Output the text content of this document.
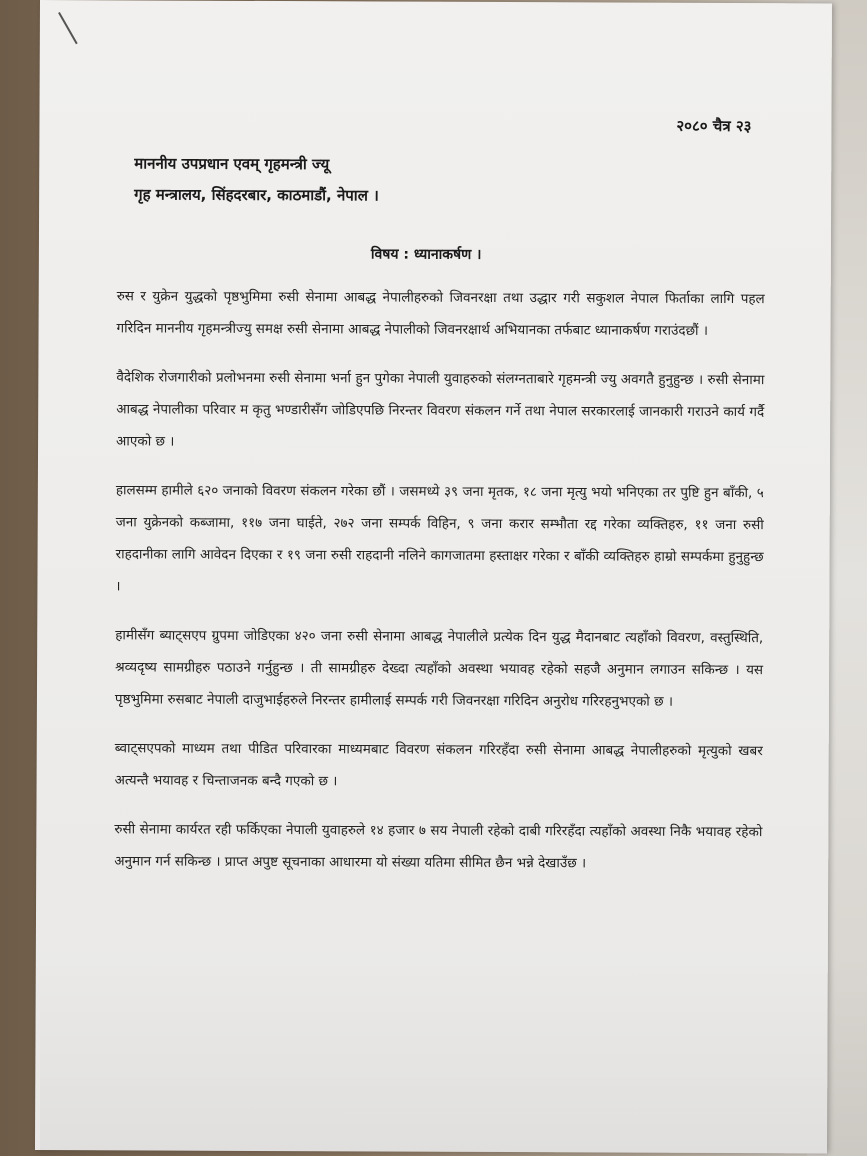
२०८० चैत्र २३
माननीय उपप्रधान एवम् गृहमन्त्री ज्यू
गृह मन्त्रालय, सिंहदरबार, काठमाडौं, नेपाल ।
विषय : ध्यानाकर्षण ।

रुस र युक्रेन युद्धको पृष्ठभुमिमा रुसी सेनामा आबद्ध नेपालीहरुको जिवनरक्षा तथा उद्धार गरी सकुशल नेपाल फिर्ताका लागि पहल गरिदिन माननीय गृहमन्त्रीज्यु समक्ष रुसी सेनामा आबद्ध नेपालीको जिवनरक्षार्थ अभियानका तर्फबाट ध्यानाकर्षण गराउंदछौं ।

वैदेशिक रोजगारीको प्रलोभनमा रुसी सेनामा भर्ना हुन पुगेका नेपाली युवाहरुको संलग्नताबारे गृहमन्त्री ज्यु अवगतै हुनुहुन्छ । रुसी सेनामा आबद्ध नेपालीका परिवार म कृतु भण्डारीसँग जोडिएपछि निरन्तर विवरण संकलन गर्ने तथा नेपाल सरकारलाई जानकारी गराउने कार्य गर्दै आएको छ ।

हालसम्म हामीले ६२० जनाको विवरण संकलन गरेका छौं । जसमध्ये ३९ जना मृतक, १८ जना मृत्यु भयो भनिएका तर पुष्टि हुन बाँकी, ५ जना युक्रेनको कब्जामा, ११७ जना घाईते, २७२ जना सम्पर्क विहिन, ९ जना करार सम्भौता रद्द गरेका व्यक्तिहरु, ११ जना रुसी राहदानीका लागि आवेदन दिएका र १९ जना रुसी राहदानी नलिने कागजातमा हस्ताक्षर गरेका र बाँकी व्यक्तिहरु हाम्रो सम्पर्कमा हुनुहुन्छ ।

हामीसँग ब्याट्सएप ग्रुपमा जोडिएका ४२० जना रुसी सेनामा आबद्ध नेपालीले प्रत्येक दिन युद्ध मैदानबाट त्यहाँको विवरण, वस्तुस्थिति, श्रव्यदृष्य सामग्रीहरु पठाउने गर्नुहुन्छ । ती सामग्रीहरु देख्दा त्यहाँको अवस्था भयावह रहेको सहजै अनुमान लगाउन सकिन्छ । यस पृष्ठभुमिमा रुसबाट नेपाली दाजुभाईहरुले निरन्तर हामीलाई सम्पर्क गरी जिवनरक्षा गरिदिन अनुरोध गरिरहनुभएको छ ।

ब्वाट्सएपको माध्यम तथा पीडित परिवारका माध्यमबाट विवरण संकलन गरिरहँदा रुसी सेनामा आबद्ध नेपालीहरुको मृत्युको खबर अत्यन्तै भयावह र चिन्ताजनक बन्दै गएको छ ।

रुसी सेनामा कार्यरत रही फर्किएका नेपाली युवाहरुले १४ हजार ७ सय नेपाली रहेको दाबी गरिरहँदा त्यहाँको अवस्था निकै भयावह रहेको अनुमान गर्न सकिन्छ । प्राप्त अपुष्ट सूचनाका आधारमा यो संख्या यतिमा सीमित छैन भन्ने देखाउँछ ।
